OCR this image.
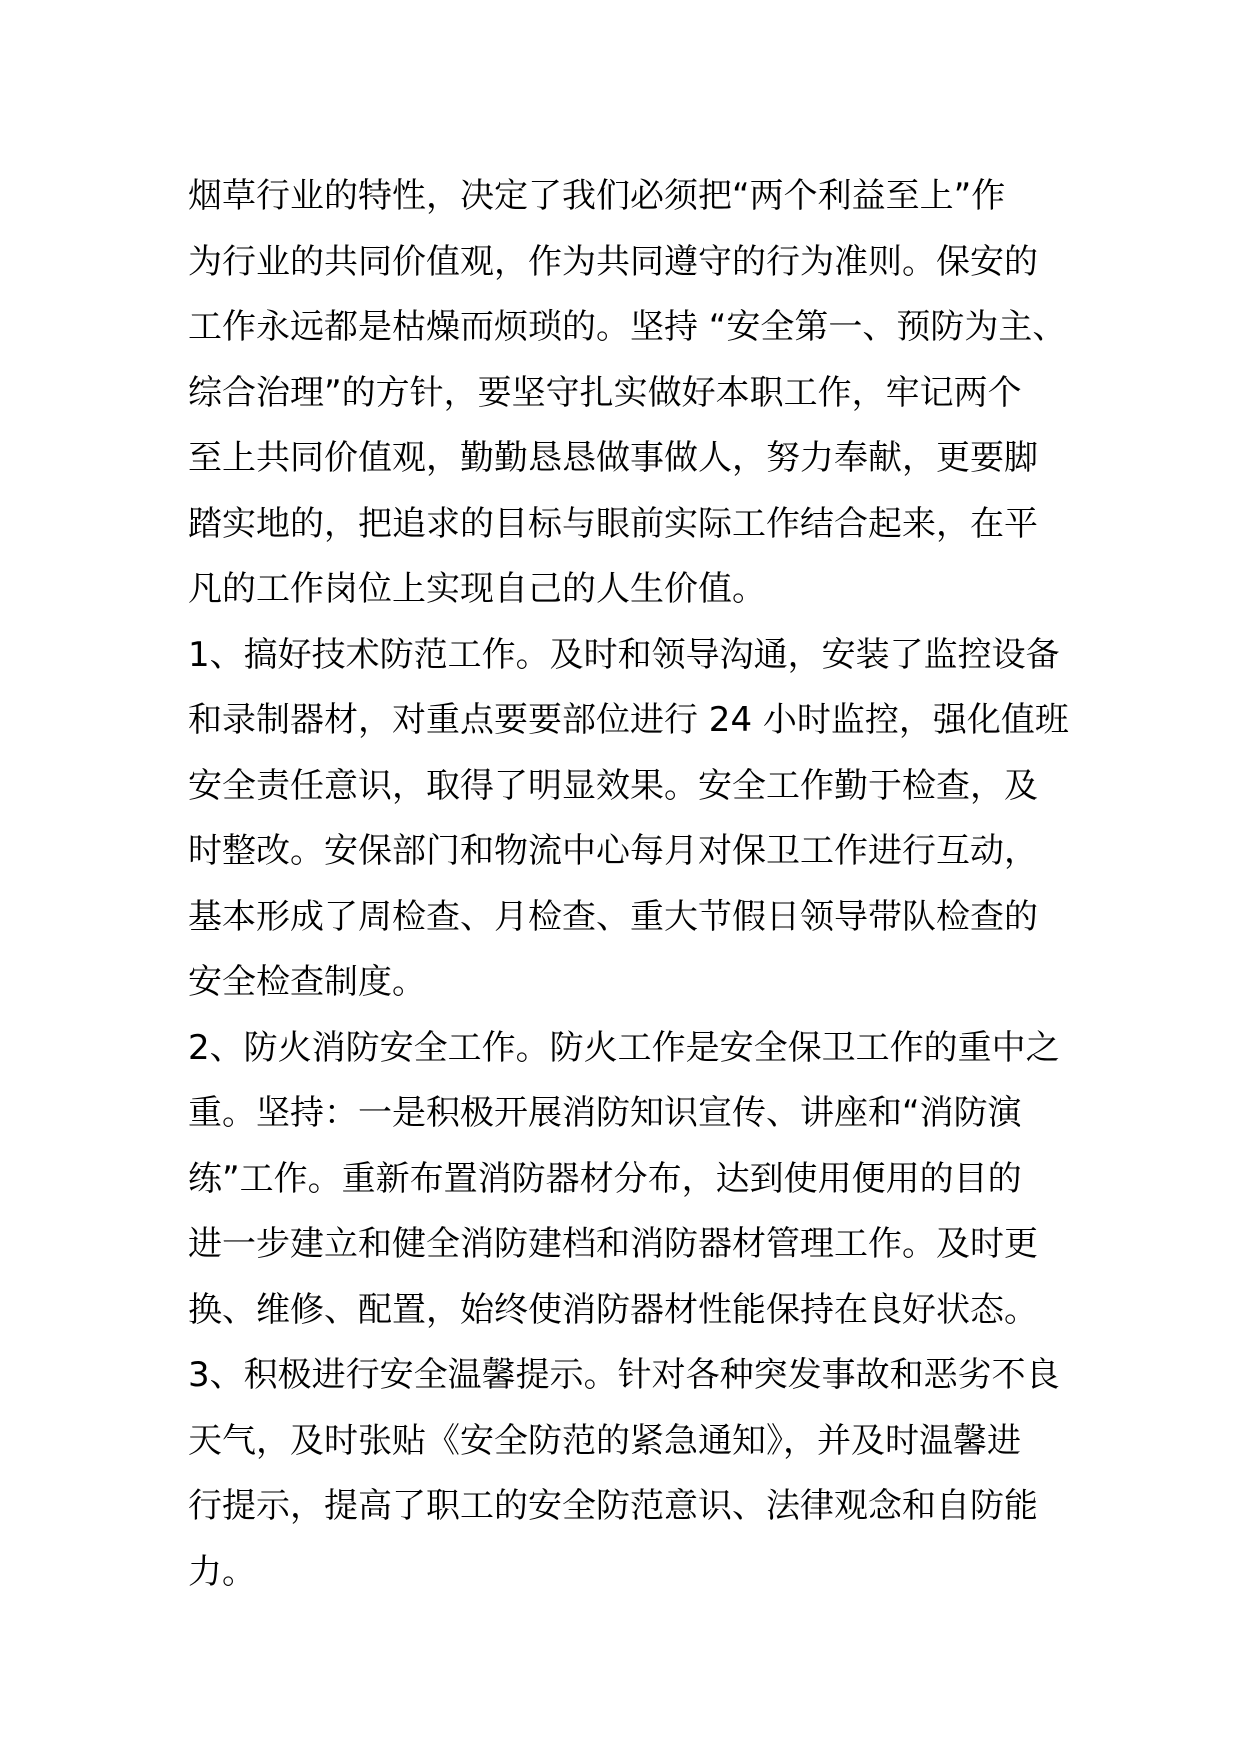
烟草行业的特性，决定了我们必须把“两个利益至上”作
为行业的共同价值观，作为共同遵守的行为准则。保安的
工作永远都是枯燥而烦琐的。坚持 “安全第一、预防为主、
综合治理”的方针，要坚守扎实做好本职工作，牢记两个
至上共同价值观，勤勤恳恳做事做人，努力奉献，更要脚
踏实地的，把追求的目标与眼前实际工作结合起来，在平
凡的工作岗位上实现自己的人生价值。
1、搞好技术防范工作。及时和领导沟通，安装了监控设备
和录制器材，对重点要要部位进行 24 小时监控，强化值班
安全责任意识，取得了明显效果。安全工作勤于检查，及
时整改。安保部门和物流中心每月对保卫工作进行互动，
基本形成了周检查、月检查、重大节假日领导带队检查的
安全检查制度。
2、防火消防安全工作。防火工作是安全保卫工作的重中之
重。坚持：一是积极开展消防知识宣传、讲座和“消防演
练”工作。重新布置消防器材分布，达到使用便用的目的
进一步建立和健全消防建档和消防器材管理工作。及时更
换、维修、配置，始终使消防器材性能保持在良好状态。
3、积极进行安全温馨提示。针对各种突发事故和恶劣不良
天气，及时张贴《安全防范的紧急通知》，并及时温馨进
行提示，提高了职工的安全防范意识、法律观念和自防能
力。
